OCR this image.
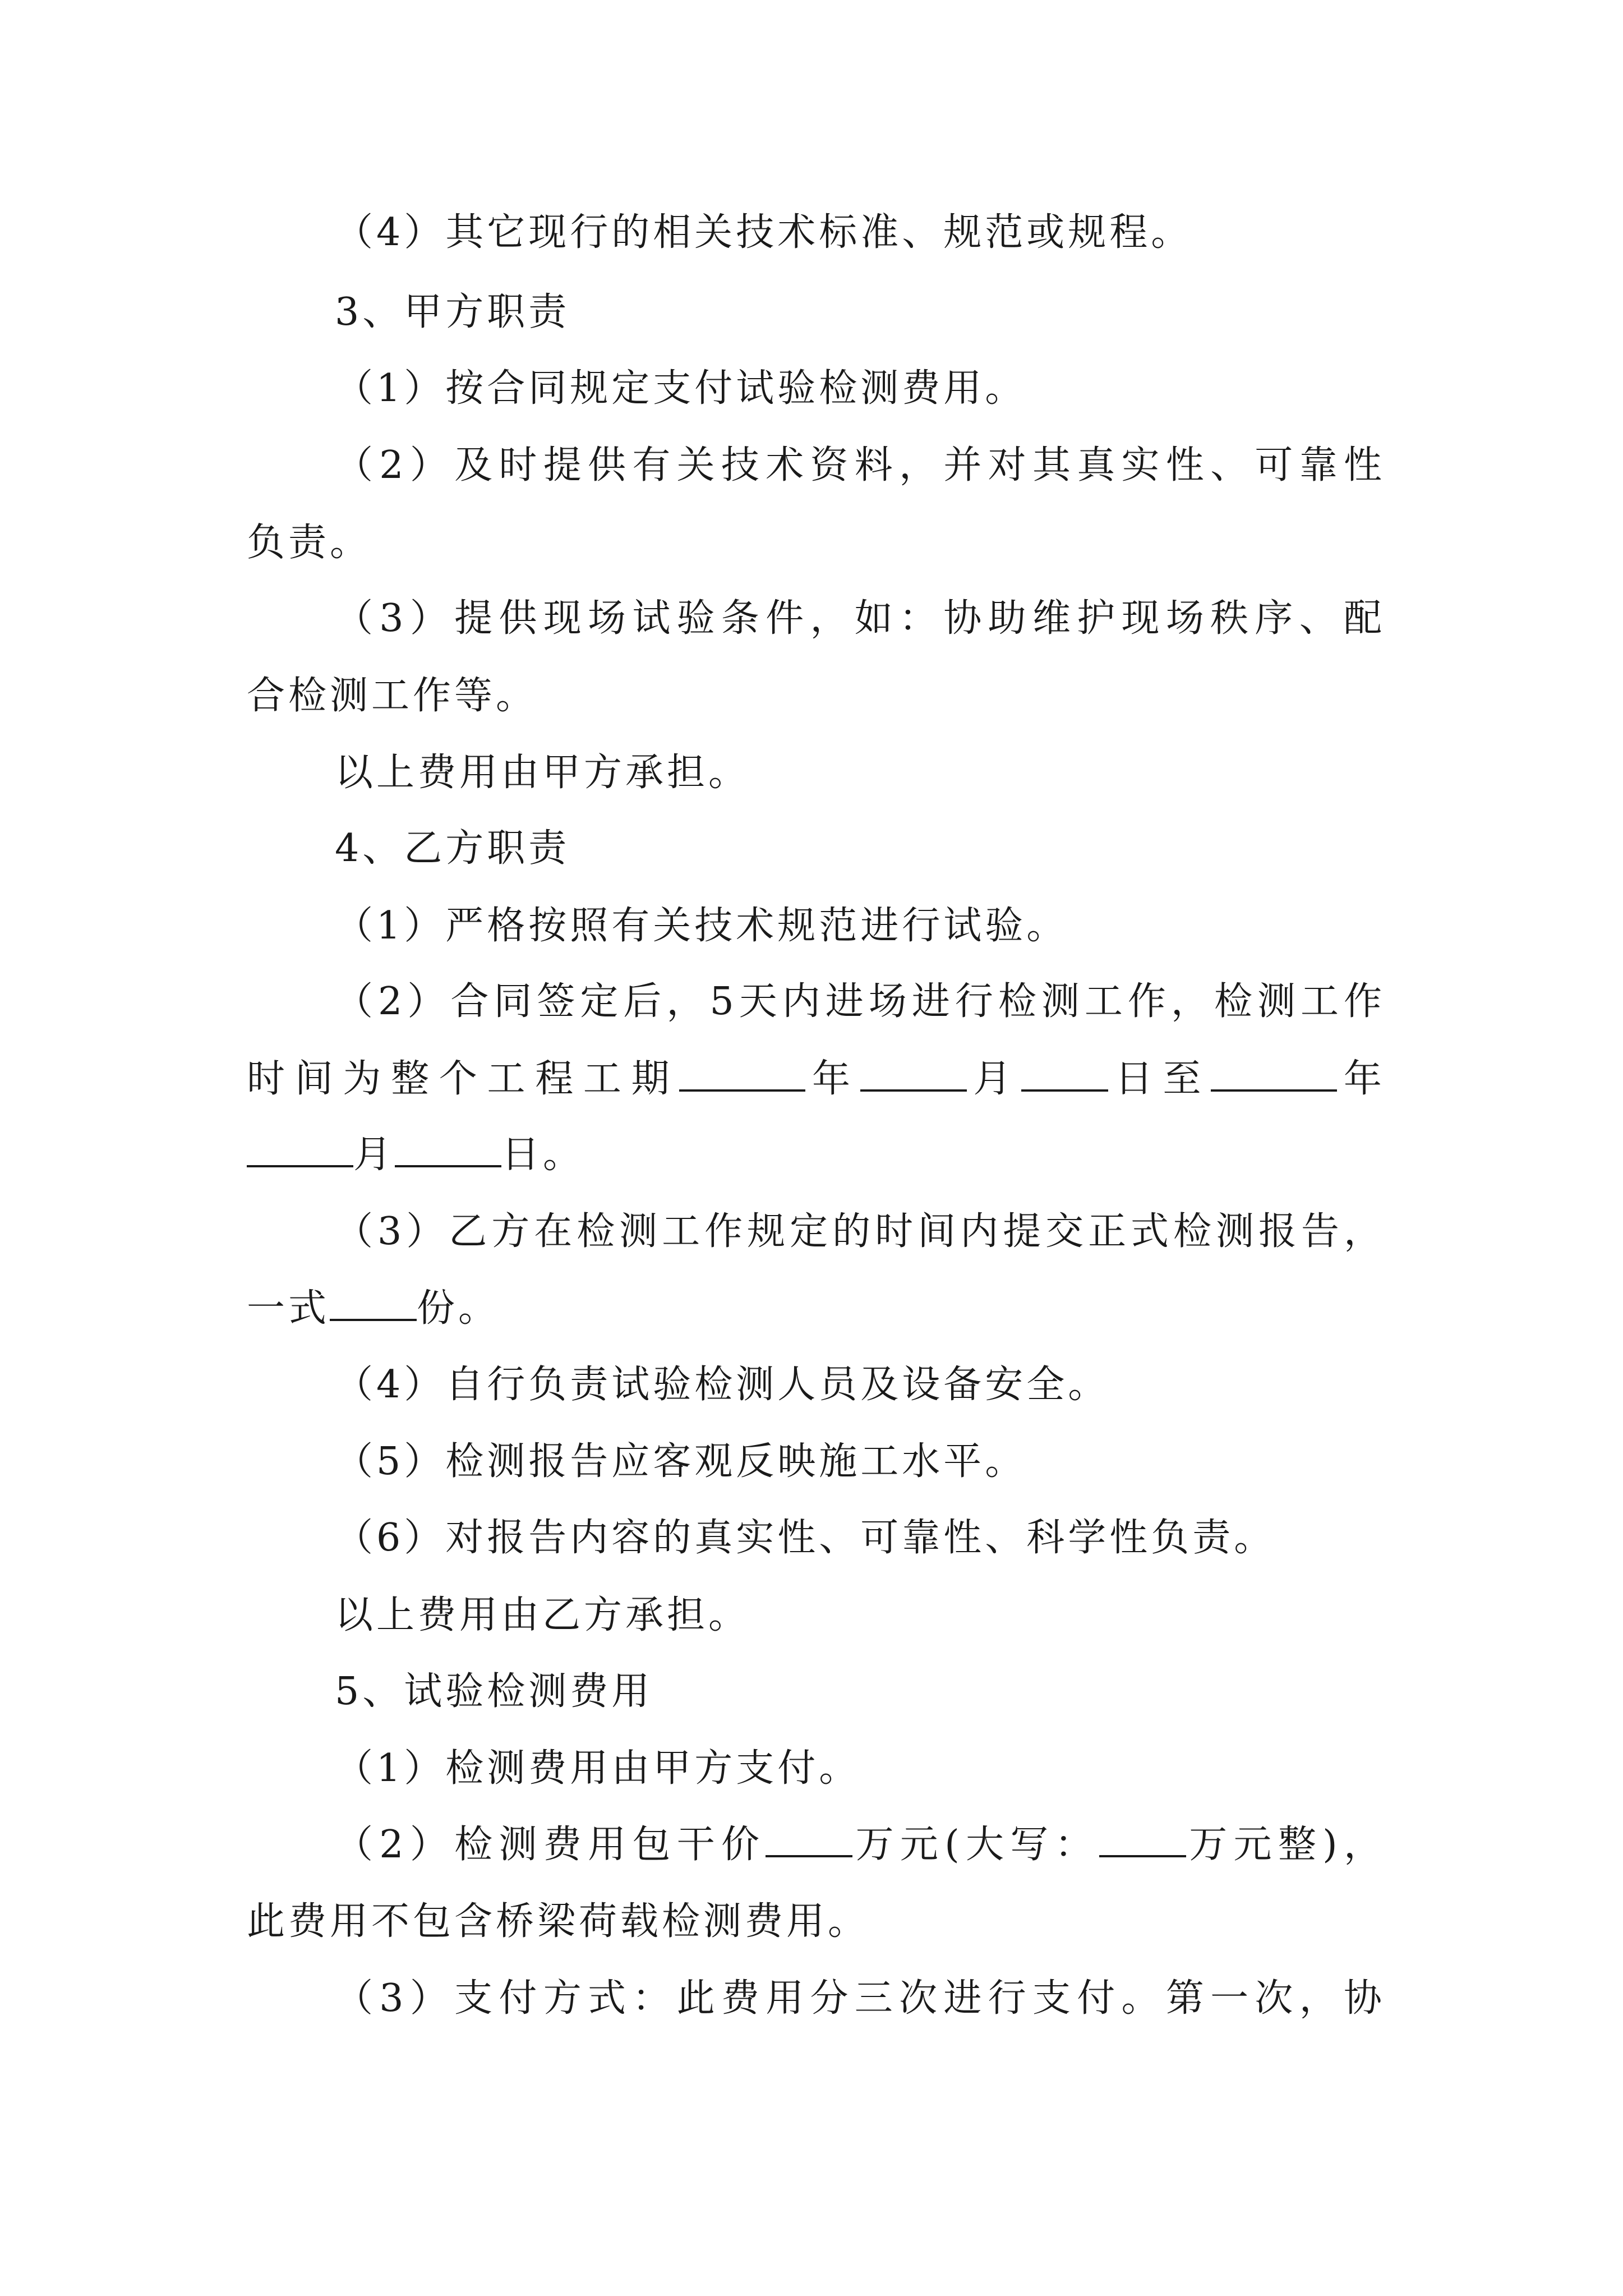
（4）其它现行的相关技术标准、规范或规程。
3、甲方职责
（1）按合同规定支付试验检测费用。
（2）及时提供有关技术资料，并对其真实性、可靠性
负责。
（3）提供现场试验条件，如：协助维护现场秩序、配
合检测工作等。
以上费用由甲方承担。
4、乙方职责
（1）严格按照有关技术规范进行试验。
（2）合同签定后，5天内进场进行检测工作，检测工作
时间为整个工程工期	年	月 日至	年
月	日。
（3）乙方在检测工作规定的时间内提交正式检测报告，
一式 份。
（4）自行负责试验检测人员及设备安全。
（5）检测报告应客观反映施工水平。
（6）对报告内容的真实性、可靠性、科学性负责。
以上费用由乙方承担。
5、试验检测费用
（1）检测费用由甲方支付。
（2）检测费用包干价 万元(大写： 万元整)，
此费用不包含桥梁荷载检测费用。
（3）支付方式：此费用分三次进行支付。第一次，协
